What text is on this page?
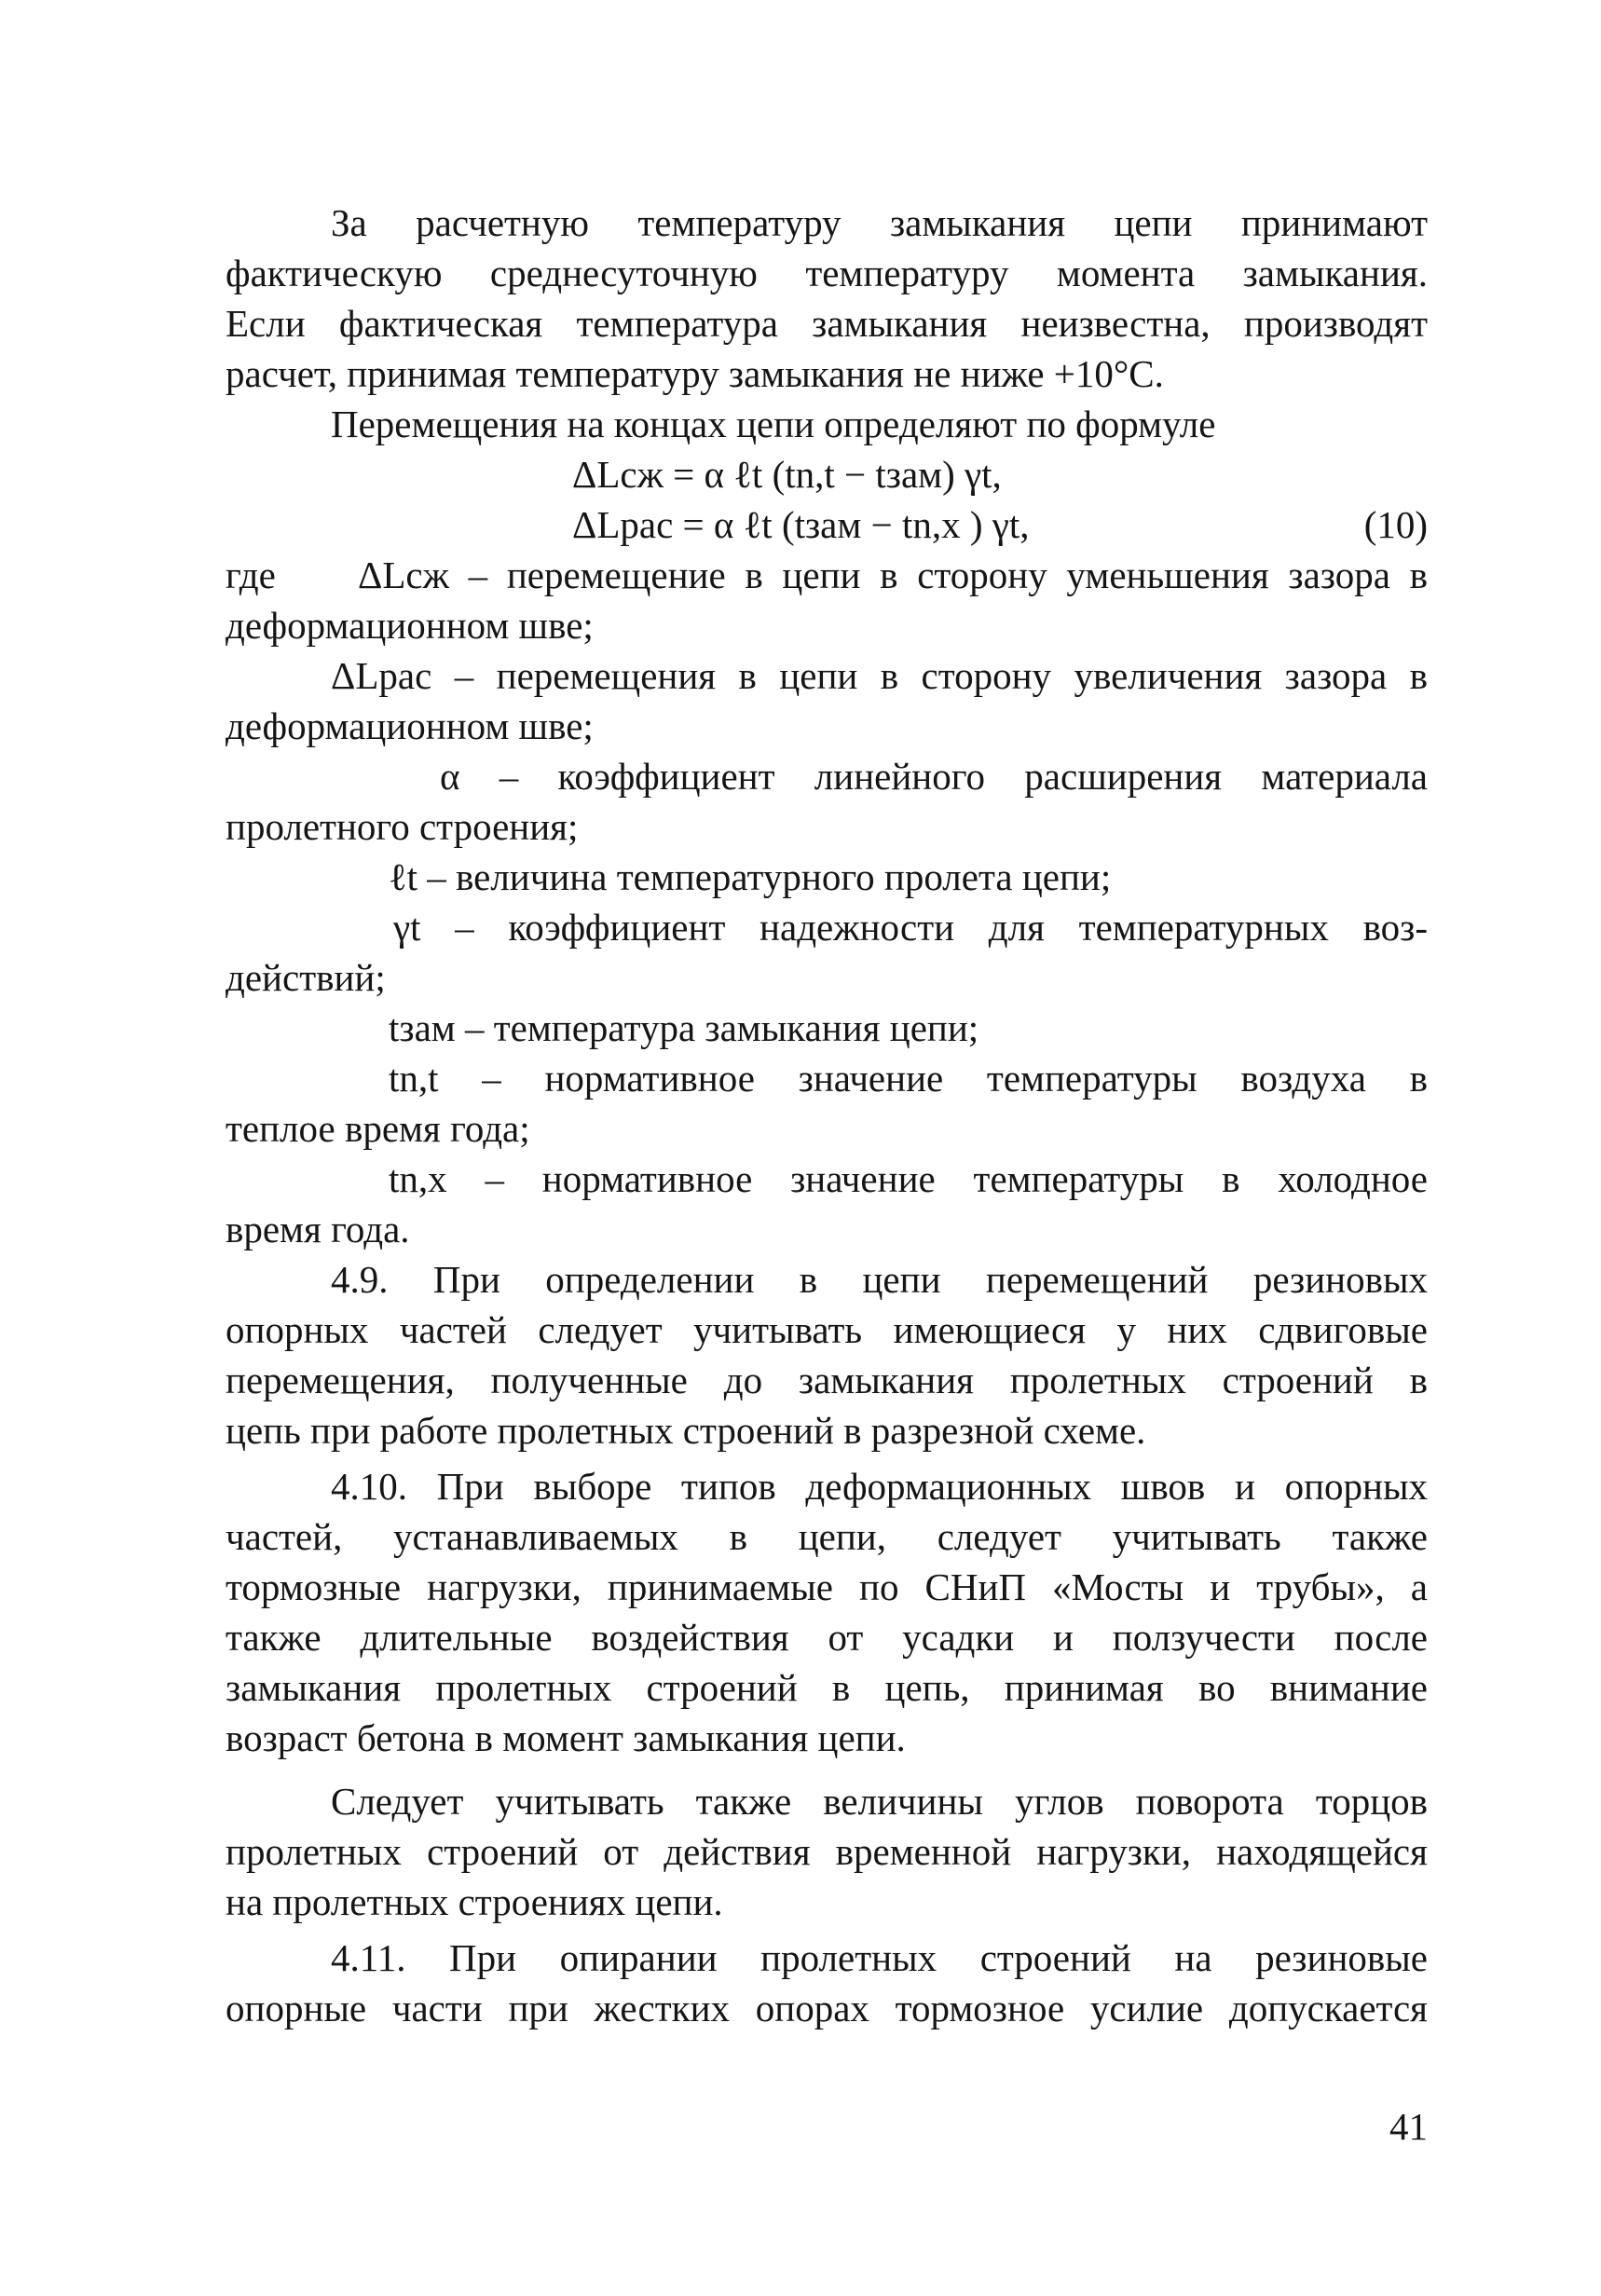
За расчетную температуру замыкания цепи принимают
фактическую среднесуточную температуру момента замыкания.
Если фактическая температура замыкания неизвестна, производят
расчет, принимая температуру замыкания не ниже +10°С.
Перемещения на концах цепи определяют по формуле
ΔLсж = α ℓt (tn,t − tзам) γt,
ΔLрас = α ℓt (tзам − tn,x ) γt,	(10)
где ΔLсж – перемещение в цепи в сторону уменьшения зазора в
деформационном шве;
ΔLрас – перемещения в цепи в сторону увеличения зазора в
деформационном шве;
α – коэффициент линейного расширения материала
пролетного строения;
ℓt – величина температурного пролета цепи;
γt – коэффициент надежности для температурных воз-
действий;
tзам – температура замыкания цепи;
tn,t – нормативное значение температуры воздуха в
теплое время года;
tn,x – нормативное значение температуры в холодное
время года.
4.9. При определении в цепи перемещений резиновых
опорных частей следует учитывать имеющиеся у них сдвиговые
перемещения, полученные до замыкания пролетных строений в
цепь при работе пролетных строений в разрезной схеме.
4.10. При выборе типов деформационных швов и опорных
частей, устанавливаемых в цепи, следует учитывать также
тормозные нагрузки, принимаемые по СНиП «Мосты и трубы», а
также длительные воздействия от усадки и ползучести после
замыкания пролетных строений в цепь, принимая во внимание
возраст бетона в момент замыкания цепи.
Следует учитывать также величины углов поворота торцов
пролетных строений от действия временной нагрузки, находящейся
на пролетных строениях цепи.
4.11. При опирании пролетных строений на резиновые
опорные части при жестких опорах тормозное усилие допускается
41
